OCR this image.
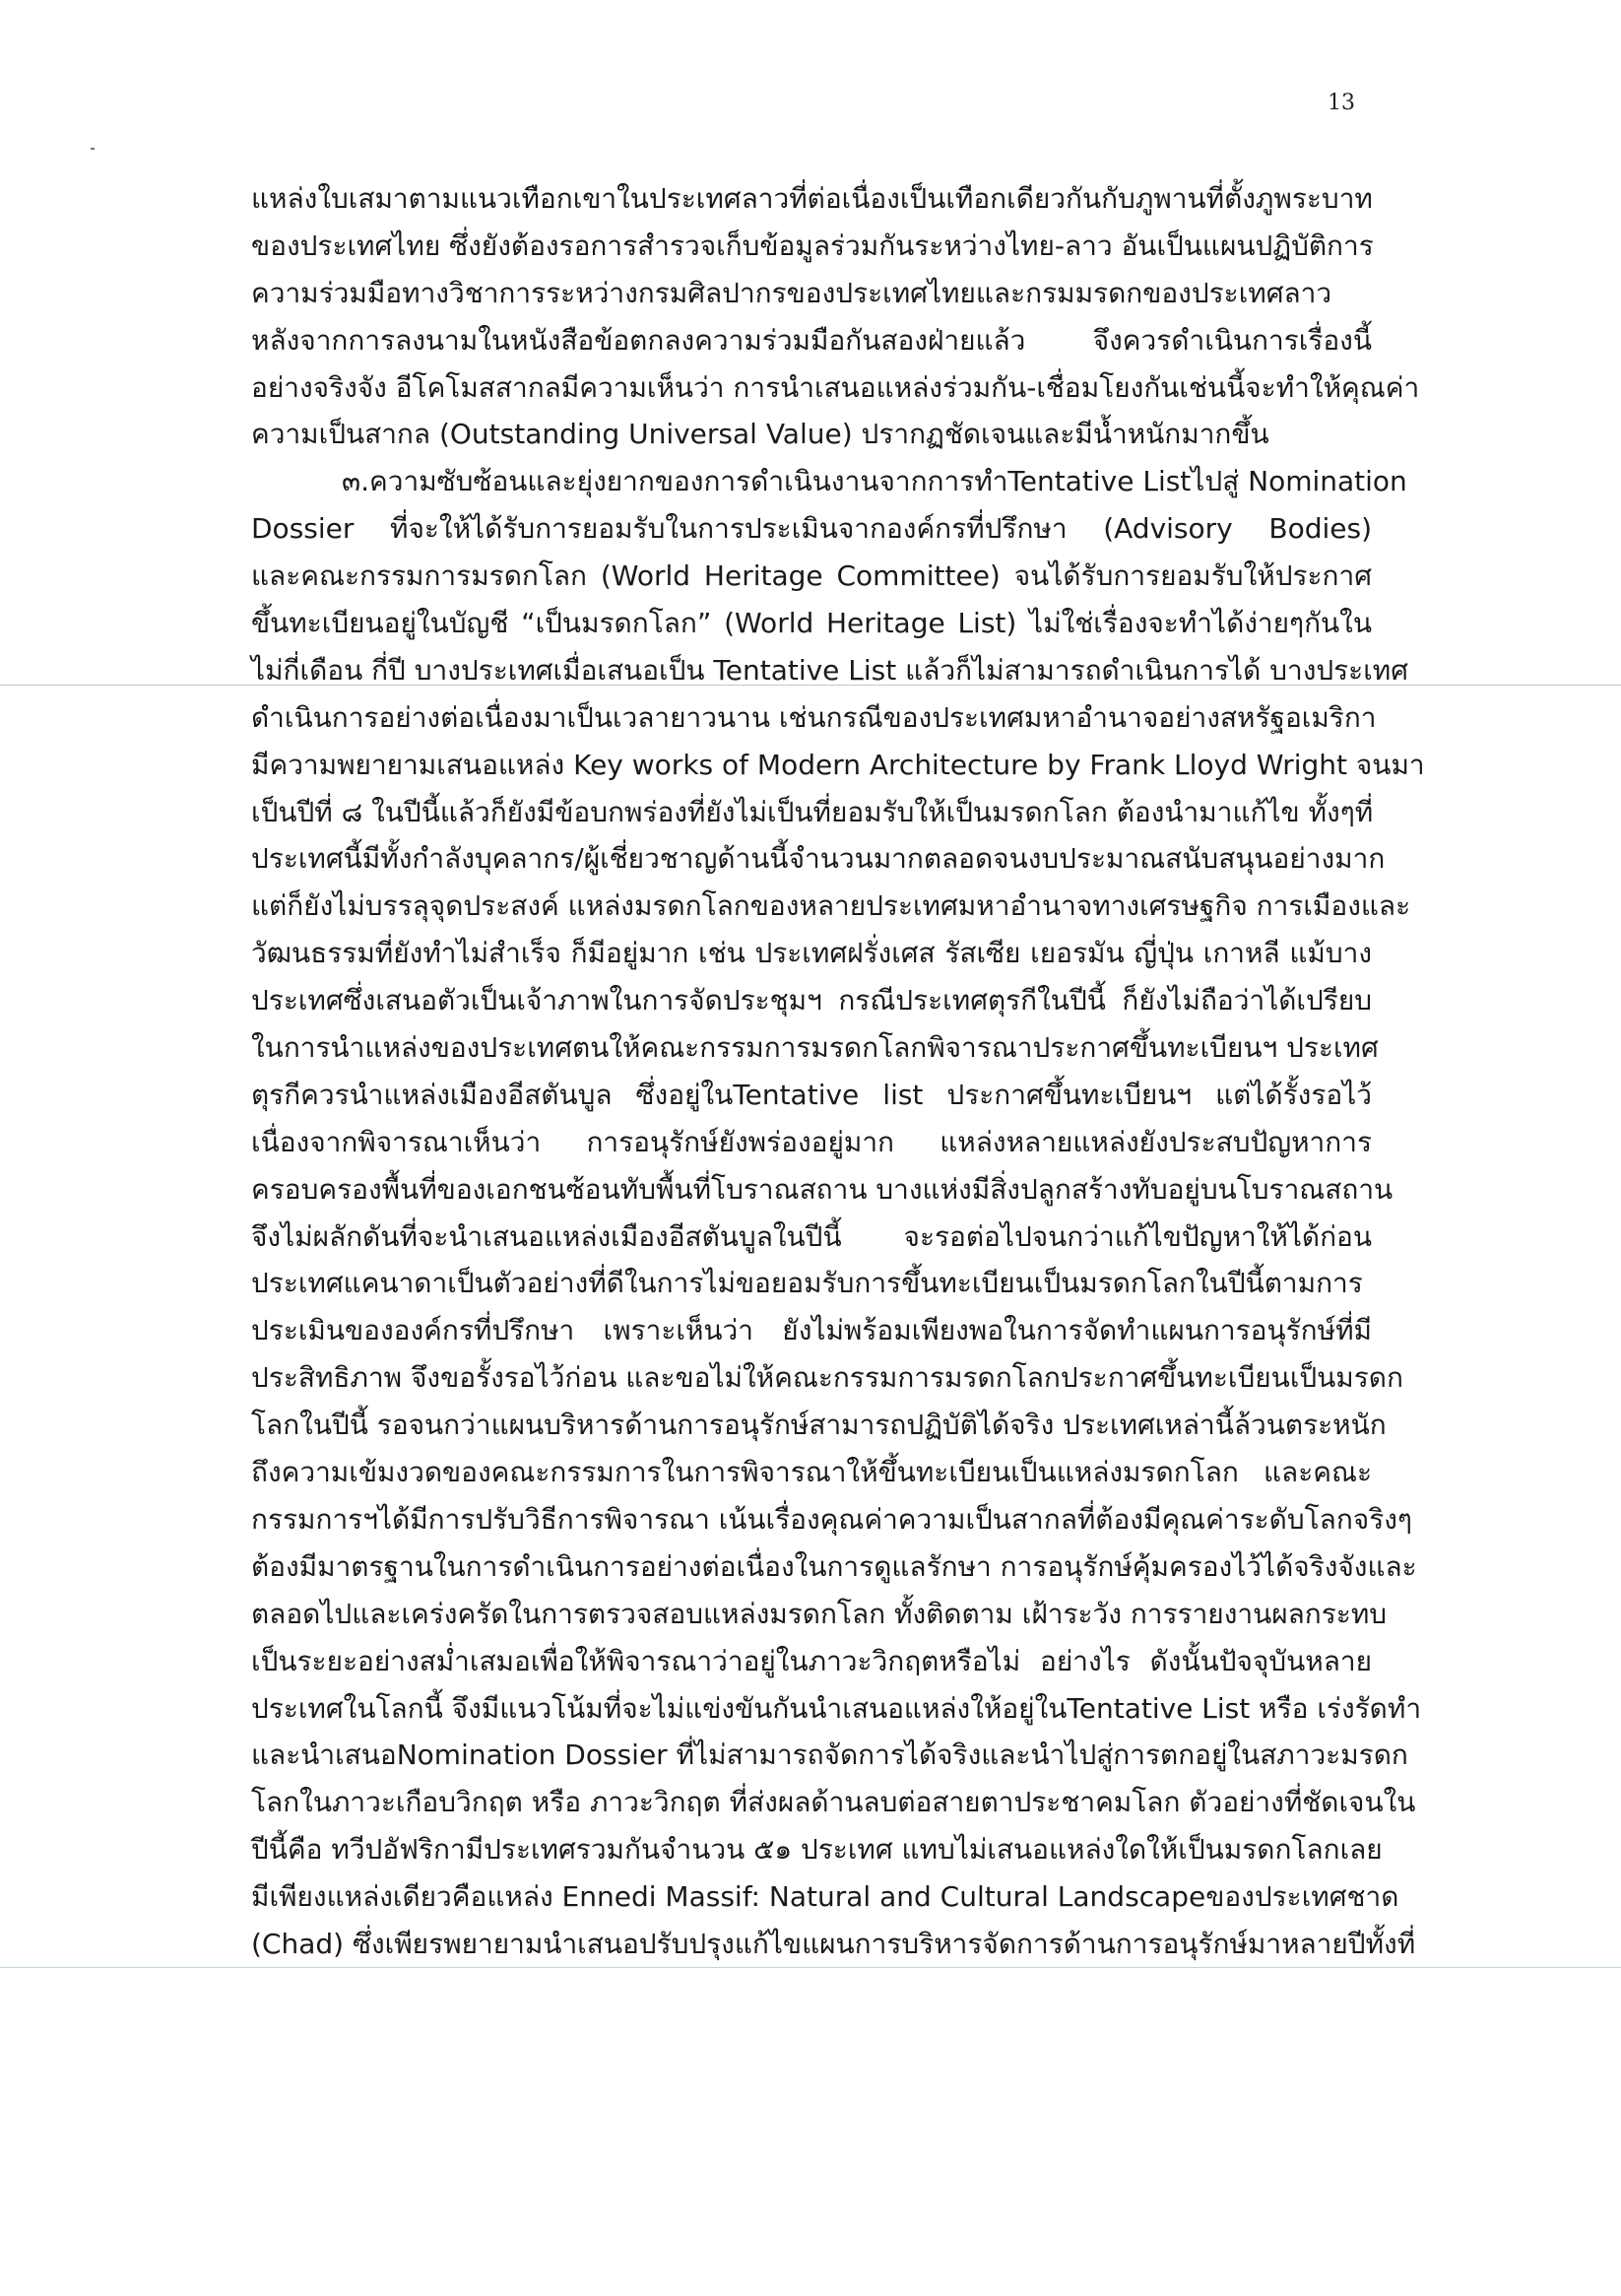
13
แหล่งใบเสมาตามแนวเทือกเขาในประเทศลาวที่ต่อเนื่องเป็นเทือกเดียวกันกับภูพานที่ตั้งภูพระบาท
ของประเทศไทย ซึ่งยังต้องรอการสำรวจเก็บข้อมูลร่วมกันระหว่างไทย-ลาว อันเป็นแผนปฏิบัติการ
ความร่วมมือทางวิชาการระหว่างกรมศิลปากรของประเทศไทยและกรมมรดกของประเทศลาว
หลังจากการลงนามในหนังสือข้อตกลงความร่วมมือกันสองฝ่ายแล้ว จึงควรดำเนินการเรื่องนี้
อย่างจริงจัง อีโคโมสสากลมีความเห็นว่า การนำเสนอแหล่งร่วมกัน-เชื่อมโยงกันเช่นนี้จะทำให้คุณค่า
ความเป็นสากล (Outstanding Universal Value) ปรากฏชัดเจนและมีน้ำหนักมากขึ้น
๓.ความซับซ้อนและยุ่งยากของการดำเนินงานจากการทำTentative Listไปสู่ Nomination
Dossier ที่จะให้ได้รับการยอมรับในการประเมินจากองค์กรที่ปรึกษา (Advisory Bodies)
และคณะกรรมการมรดกโลก (World Heritage Committee) จนได้รับการยอมรับให้ประกาศ
ขึ้นทะเบียนอยู่ในบัญชี “เป็นมรดกโลก” (World Heritage List) ไม่ใช่เรื่องจะทำได้ง่ายๆกันใน
ไม่กี่เดือน กี่ปี บางประเทศเมื่อเสนอเป็น Tentative List แล้วก็ไม่สามารถดำเนินการได้ บางประเทศ
ดำเนินการอย่างต่อเนื่องมาเป็นเวลายาวนาน เช่นกรณีของประเทศมหาอำนาจอย่างสหรัฐอเมริกา
มีความพยายามเสนอแหล่ง Key works of Modern Architecture by Frank Lloyd Wright จนมา
เป็นปีที่ ๘ ในปีนี้แล้วก็ยังมีข้อบกพร่องที่ยังไม่เป็นที่ยอมรับให้เป็นมรดกโลก ต้องนำมาแก้ไข ทั้งๆที่
ประเทศนี้มีทั้งกำลังบุคลากร/ผู้เชี่ยวชาญด้านนี้จำนวนมากตลอดจนงบประมาณสนับสนุนอย่างมาก
แต่ก็ยังไม่บรรลุจุดประสงค์ แหล่งมรดกโลกของหลายประเทศมหาอำนาจทางเศรษฐกิจ การเมืองและ
วัฒนธรรมที่ยังทำไม่สำเร็จ ก็มีอยู่มาก เช่น ประเทศฝรั่งเศส รัสเซีย เยอรมัน ญี่ปุ่น เกาหลี แม้บาง
ประเทศซึ่งเสนอตัวเป็นเจ้าภาพในการจัดประชุมฯ กรณีประเทศตุรกีในปีนี้ ก็ยังไม่ถือว่าได้เปรียบ
ในการนำแหล่งของประเทศตนให้คณะกรรมการมรดกโลกพิจารณาประกาศขึ้นทะเบียนฯ ประเทศ
ตุรกีควรนำแหล่งเมืองอีสตันบูล ซึ่งอยู่ในTentative list ประกาศขึ้นทะเบียนฯ แต่ได้รั้งรอไว้
เนื่องจากพิจารณาเห็นว่า การอนุรักษ์ยังพร่องอยู่มาก แหล่งหลายแหล่งยังประสบปัญหาการ
ครอบครองพื้นที่ของเอกชนซ้อนทับพื้นที่โบราณสถาน บางแห่งมีสิ่งปลูกสร้างทับอยู่บนโบราณสถาน
จึงไม่ผลักดันที่จะนำเสนอแหล่งเมืองอีสตันบูลในปีนี้ จะรอต่อไปจนกว่าแก้ไขปัญหาให้ได้ก่อน
ประเทศแคนาดาเป็นตัวอย่างที่ดีในการไม่ขอยอมรับการขึ้นทะเบียนเป็นมรดกโลกในปีนี้ตามการ
ประเมินขององค์กรที่ปรึกษา เพราะเห็นว่า ยังไม่พร้อมเพียงพอในการจัดทำแผนการอนุรักษ์ที่มี
ประสิทธิภาพ จึงขอรั้งรอไว้ก่อน และขอไม่ให้คณะกรรมการมรดกโลกประกาศขึ้นทะเบียนเป็นมรดก
โลกในปีนี้ รอจนกว่าแผนบริหารด้านการอนุรักษ์สามารถปฏิบัติได้จริง ประเทศเหล่านี้ล้วนตระหนัก
ถึงความเข้มงวดของคณะกรรมการในการพิจารณาให้ขึ้นทะเบียนเป็นแหล่งมรดกโลก และคณะ
กรรมการฯได้มีการปรับวิธีการพิจารณา เน้นเรื่องคุณค่าความเป็นสากลที่ต้องมีคุณค่าระดับโลกจริงๆ
ต้องมีมาตรฐานในการดำเนินการอย่างต่อเนื่องในการดูแลรักษา การอนุรักษ์คุ้มครองไว้ได้จริงจังและ
ตลอดไปและเคร่งครัดในการตรวจสอบแหล่งมรดกโลก ทั้งติดตาม เฝ้าระวัง การรายงานผลกระทบ
เป็นระยะอย่างสม่ำเสมอเพื่อให้พิจารณาว่าอยู่ในภาวะวิกฤตหรือไม่ อย่างไร ดังนั้นปัจจุบันหลาย
ประเทศในโลกนี้ จึงมีแนวโน้มที่จะไม่แข่งขันกันนำเสนอแหล่งให้อยู่ในTentative List หรือ เร่งรัดทำ
และนำเสนอNomination Dossier ที่ไม่สามารถจัดการได้จริงและนำไปสู่การตกอยู่ในสภาวะมรดก
โลกในภาวะเกือบวิกฤต หรือ ภาวะวิกฤต ที่ส่งผลด้านลบต่อสายตาประชาคมโลก ตัวอย่างที่ชัดเจนใน
ปีนี้คือ ทวีปอัฟริกามีประเทศรวมกันจำนวน ๕๑ ประเทศ แทบไม่เสนอแหล่งใดให้เป็นมรดกโลกเลย
มีเพียงแหล่งเดียวคือแหล่ง Ennedi Massif: Natural and Cultural Landscapeของประเทศชาด
(Chad) ซึ่งเพียรพยายามนำเสนอปรับปรุงแก้ไขแผนการบริหารจัดการด้านการอนุรักษ์มาหลายปีทั้งที่
